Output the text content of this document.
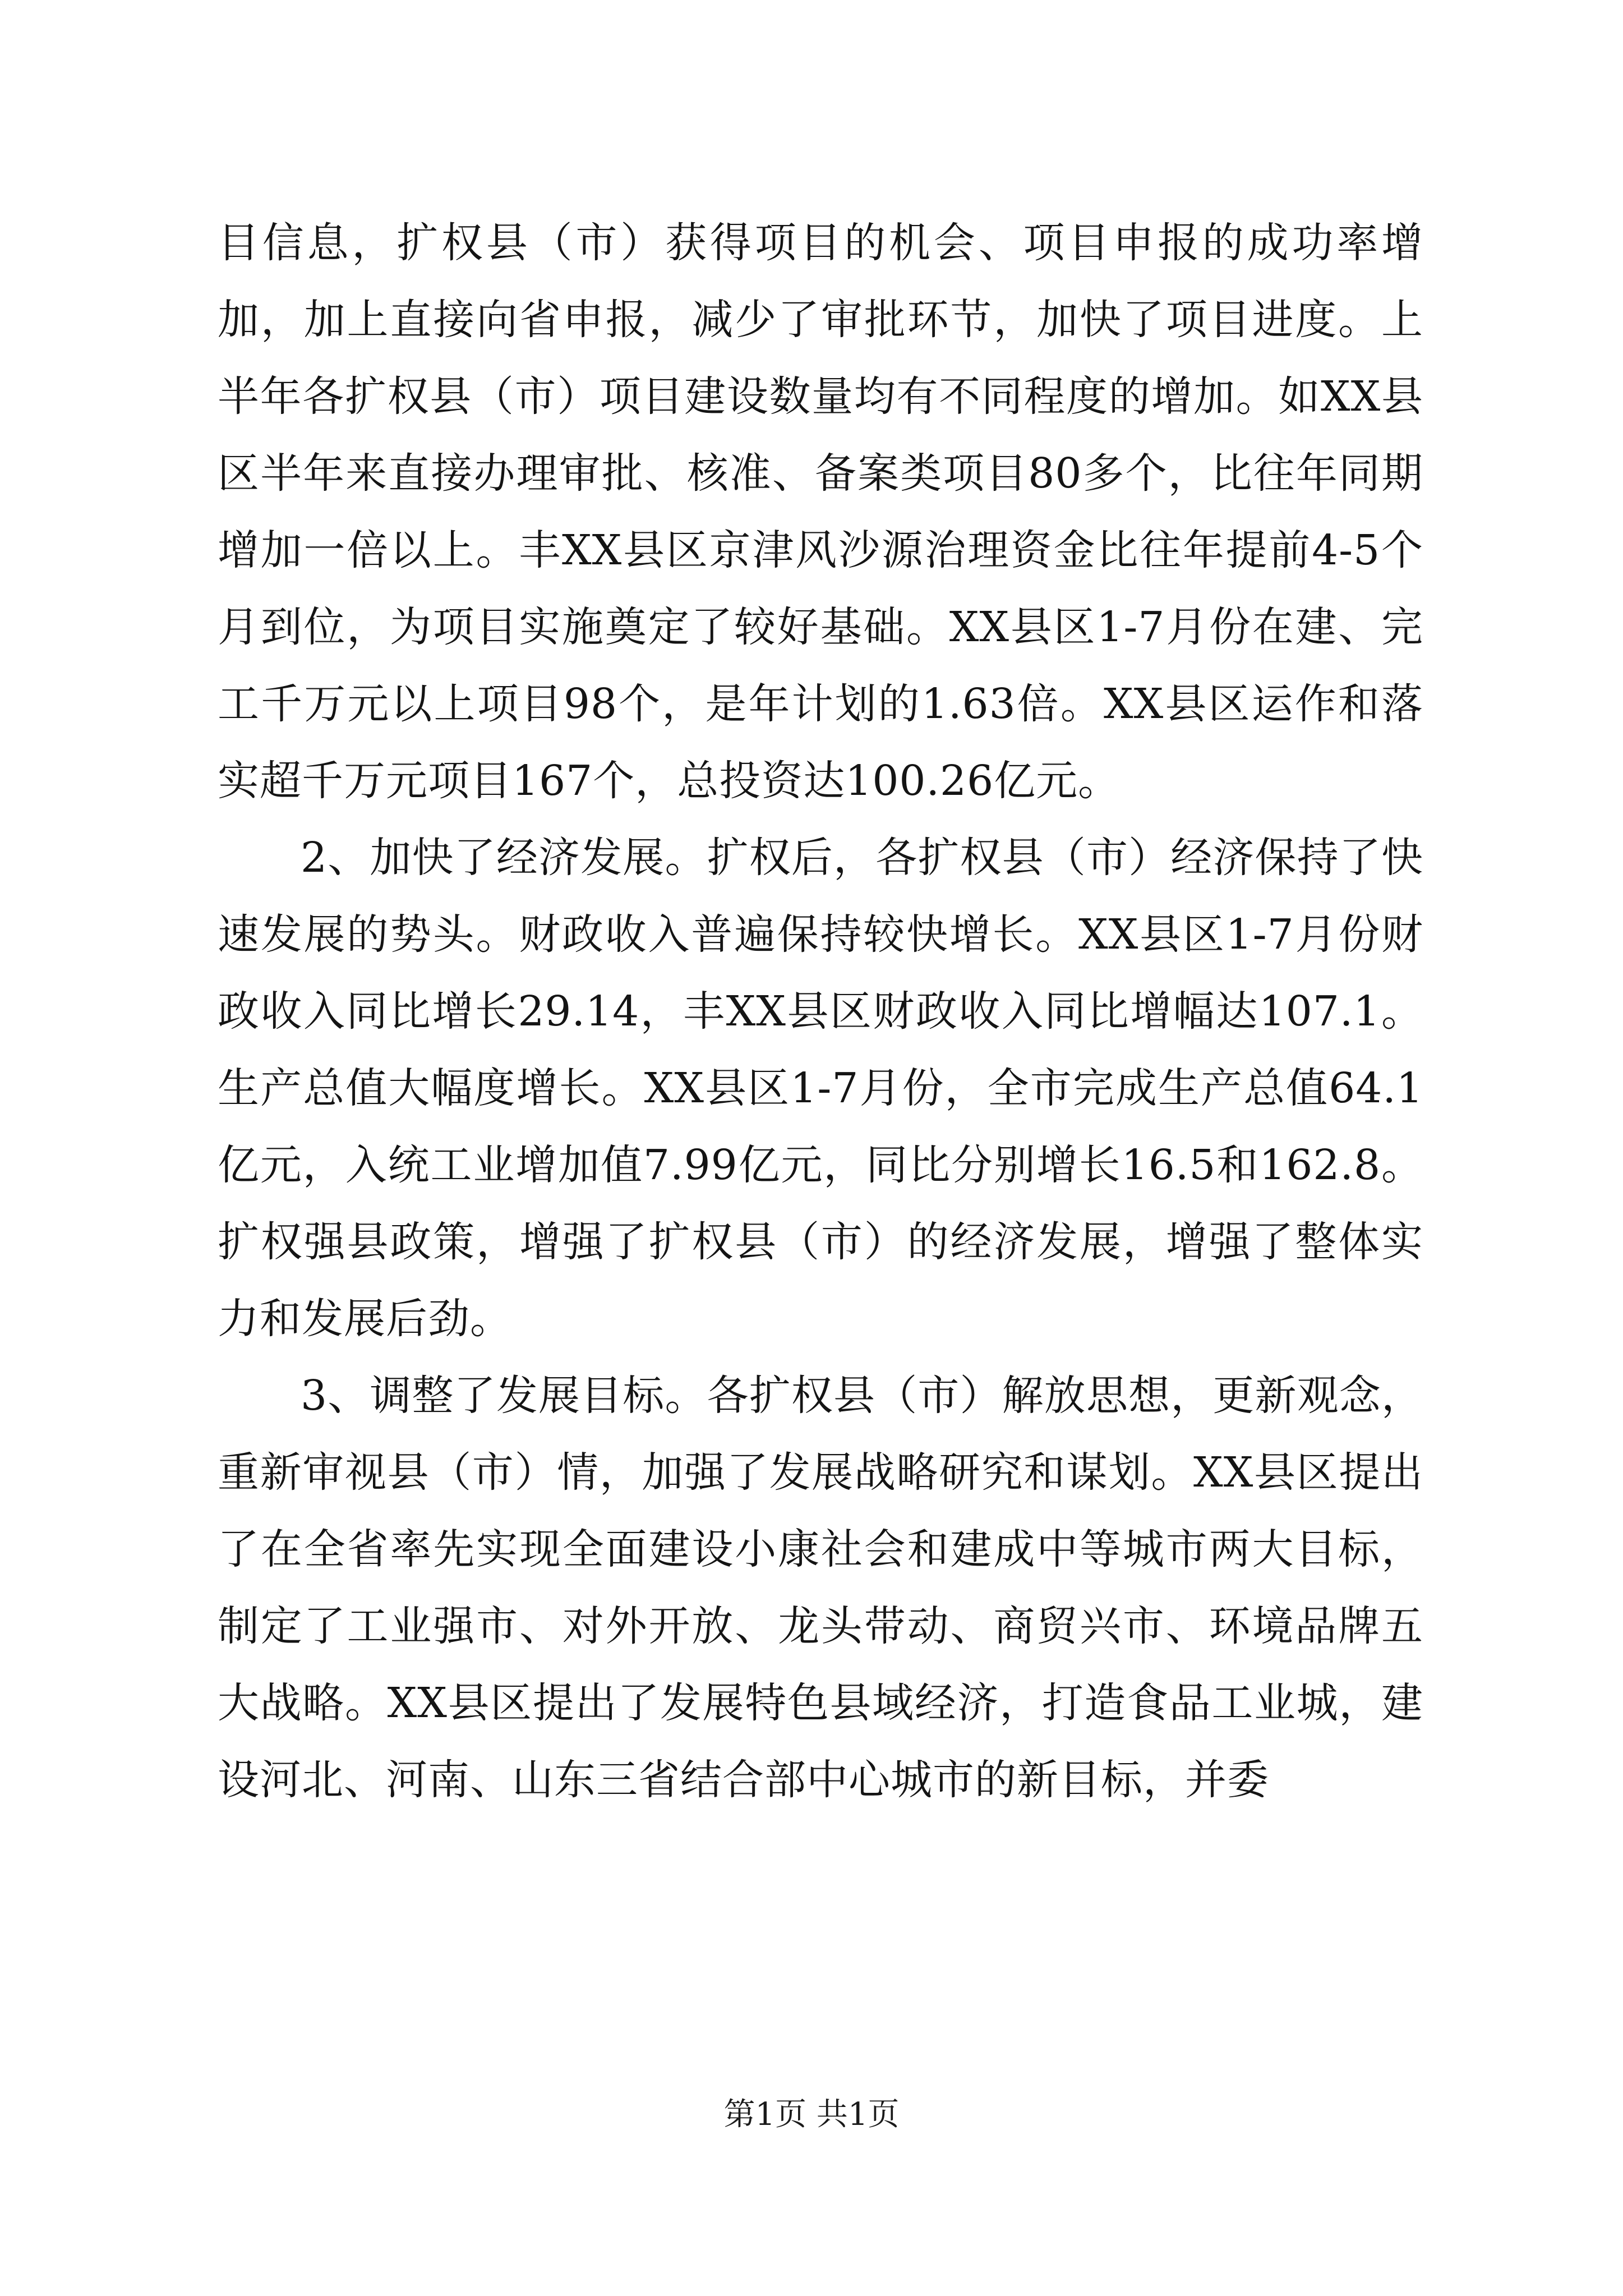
目信息，扩权县（市）获得项目的机会、项目申报的成功率增加，加上直接向省申报，减少了审批环节，加快了项目进度。上半年各扩权县（市）项目建设数量均有不同程度的增加。如XX县区半年来直接办理审批、核准、备案类项目80多个，比往年同期增加一倍以上。丰XX县区京津风沙源治理资金比往年提前4-5个月到位，为项目实施奠定了较好基础。XX县区1-7月份在建、完工千万元以上项目98个，是年计划的1.63倍。XX县区运作和落实超千万元项目167个，总投资达100.26亿元。

2、加快了经济发展。扩权后，各扩权县（市）经济保持了快速发展的势头。财政收入普遍保持较快增长。XX县区1-7月份财政收入同比增长29.14，丰XX县区财政收入同比增幅达107.1。生产总值大幅度增长。XX县区1-7月份，全市完成生产总值64.1亿元，入统工业增加值7.99亿元，同比分别增长16.5和162.8。扩权强县政策，增强了扩权县（市）的经济发展，增强了整体实力和发展后劲。

3、调整了发展目标。各扩权县（市）解放思想，更新观念，重新审视县（市）情，加强了发展战略研究和谋划。XX县区提出了在全省率先实现全面建设小康社会和建成中等城市两大目标，制定了工业强市、对外开放、龙头带动、商贸兴市、环境品牌五大战略。XX县区提出了发展特色县域经济，打造食品工业城，建设河北、河南、山东三省结合部中心城市的新目标，并委

第1页 共1页
